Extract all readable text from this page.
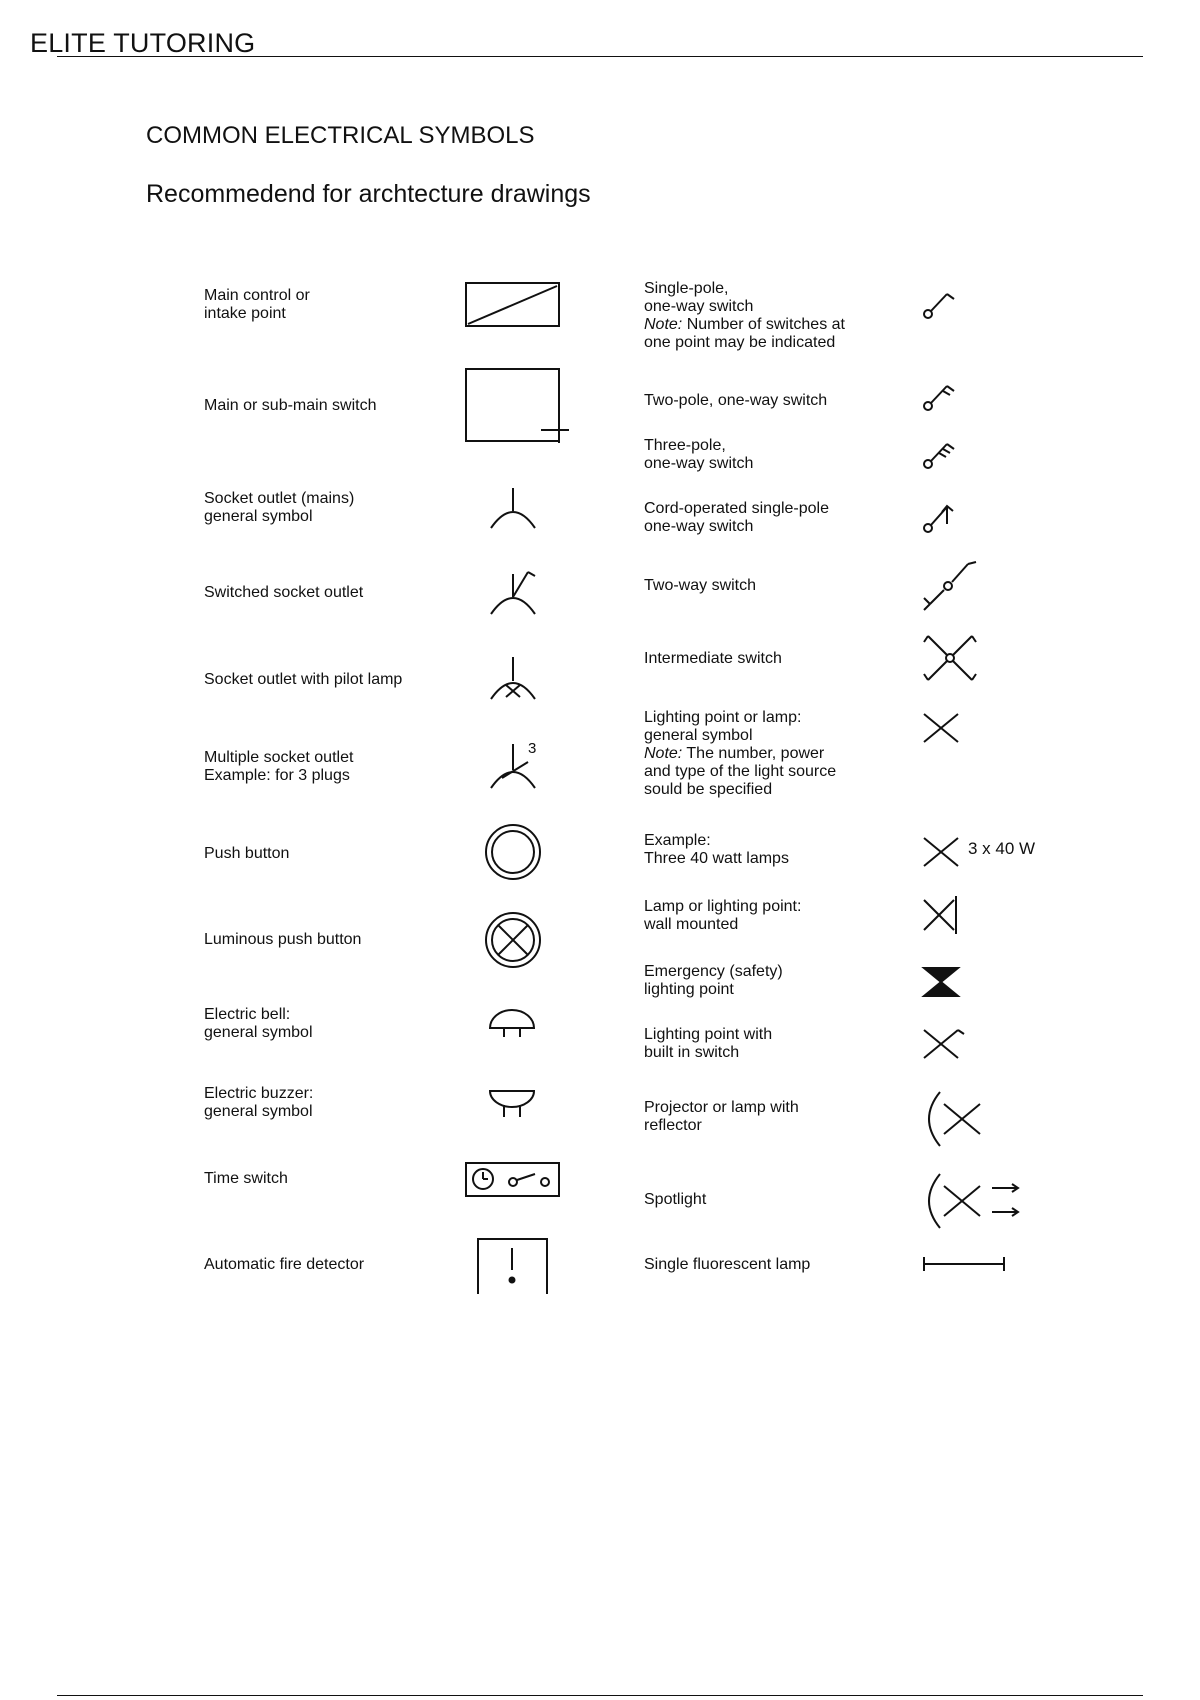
ELITE TUTORING
COMMON ELECTRICAL SYMBOLS
Recommedend for archtecture drawings
Main control or
intake point
Main or sub-main switch
Socket outlet (mains)
general symbol
Switched socket outlet
Socket outlet with pilot lamp
Multiple socket outlet
Example: for 3 plugs
Push button
Luminous push button
Electric bell:
general symbol
Electric buzzer:
general symbol
Time switch
Automatic fire detector
3
Single-pole,
one-way switch
Note: Number of switches at
one point may be indicated
Two-pole, one-way switch
Three-pole,
one-way switch
Cord-operated single-pole
one-way switch
Two-way switch
Intermediate switch
Lighting point or lamp:
general symbol
Note: The number, power
and type of the light source
sould be specified
Example:
Three 40 watt lamps
Lamp or lighting point:
wall mounted
Emergency (safety)
lighting point
Lighting point with
built in switch
Projector or lamp with
reflector
Spotlight
Single fluorescent lamp
3 x 40 W
